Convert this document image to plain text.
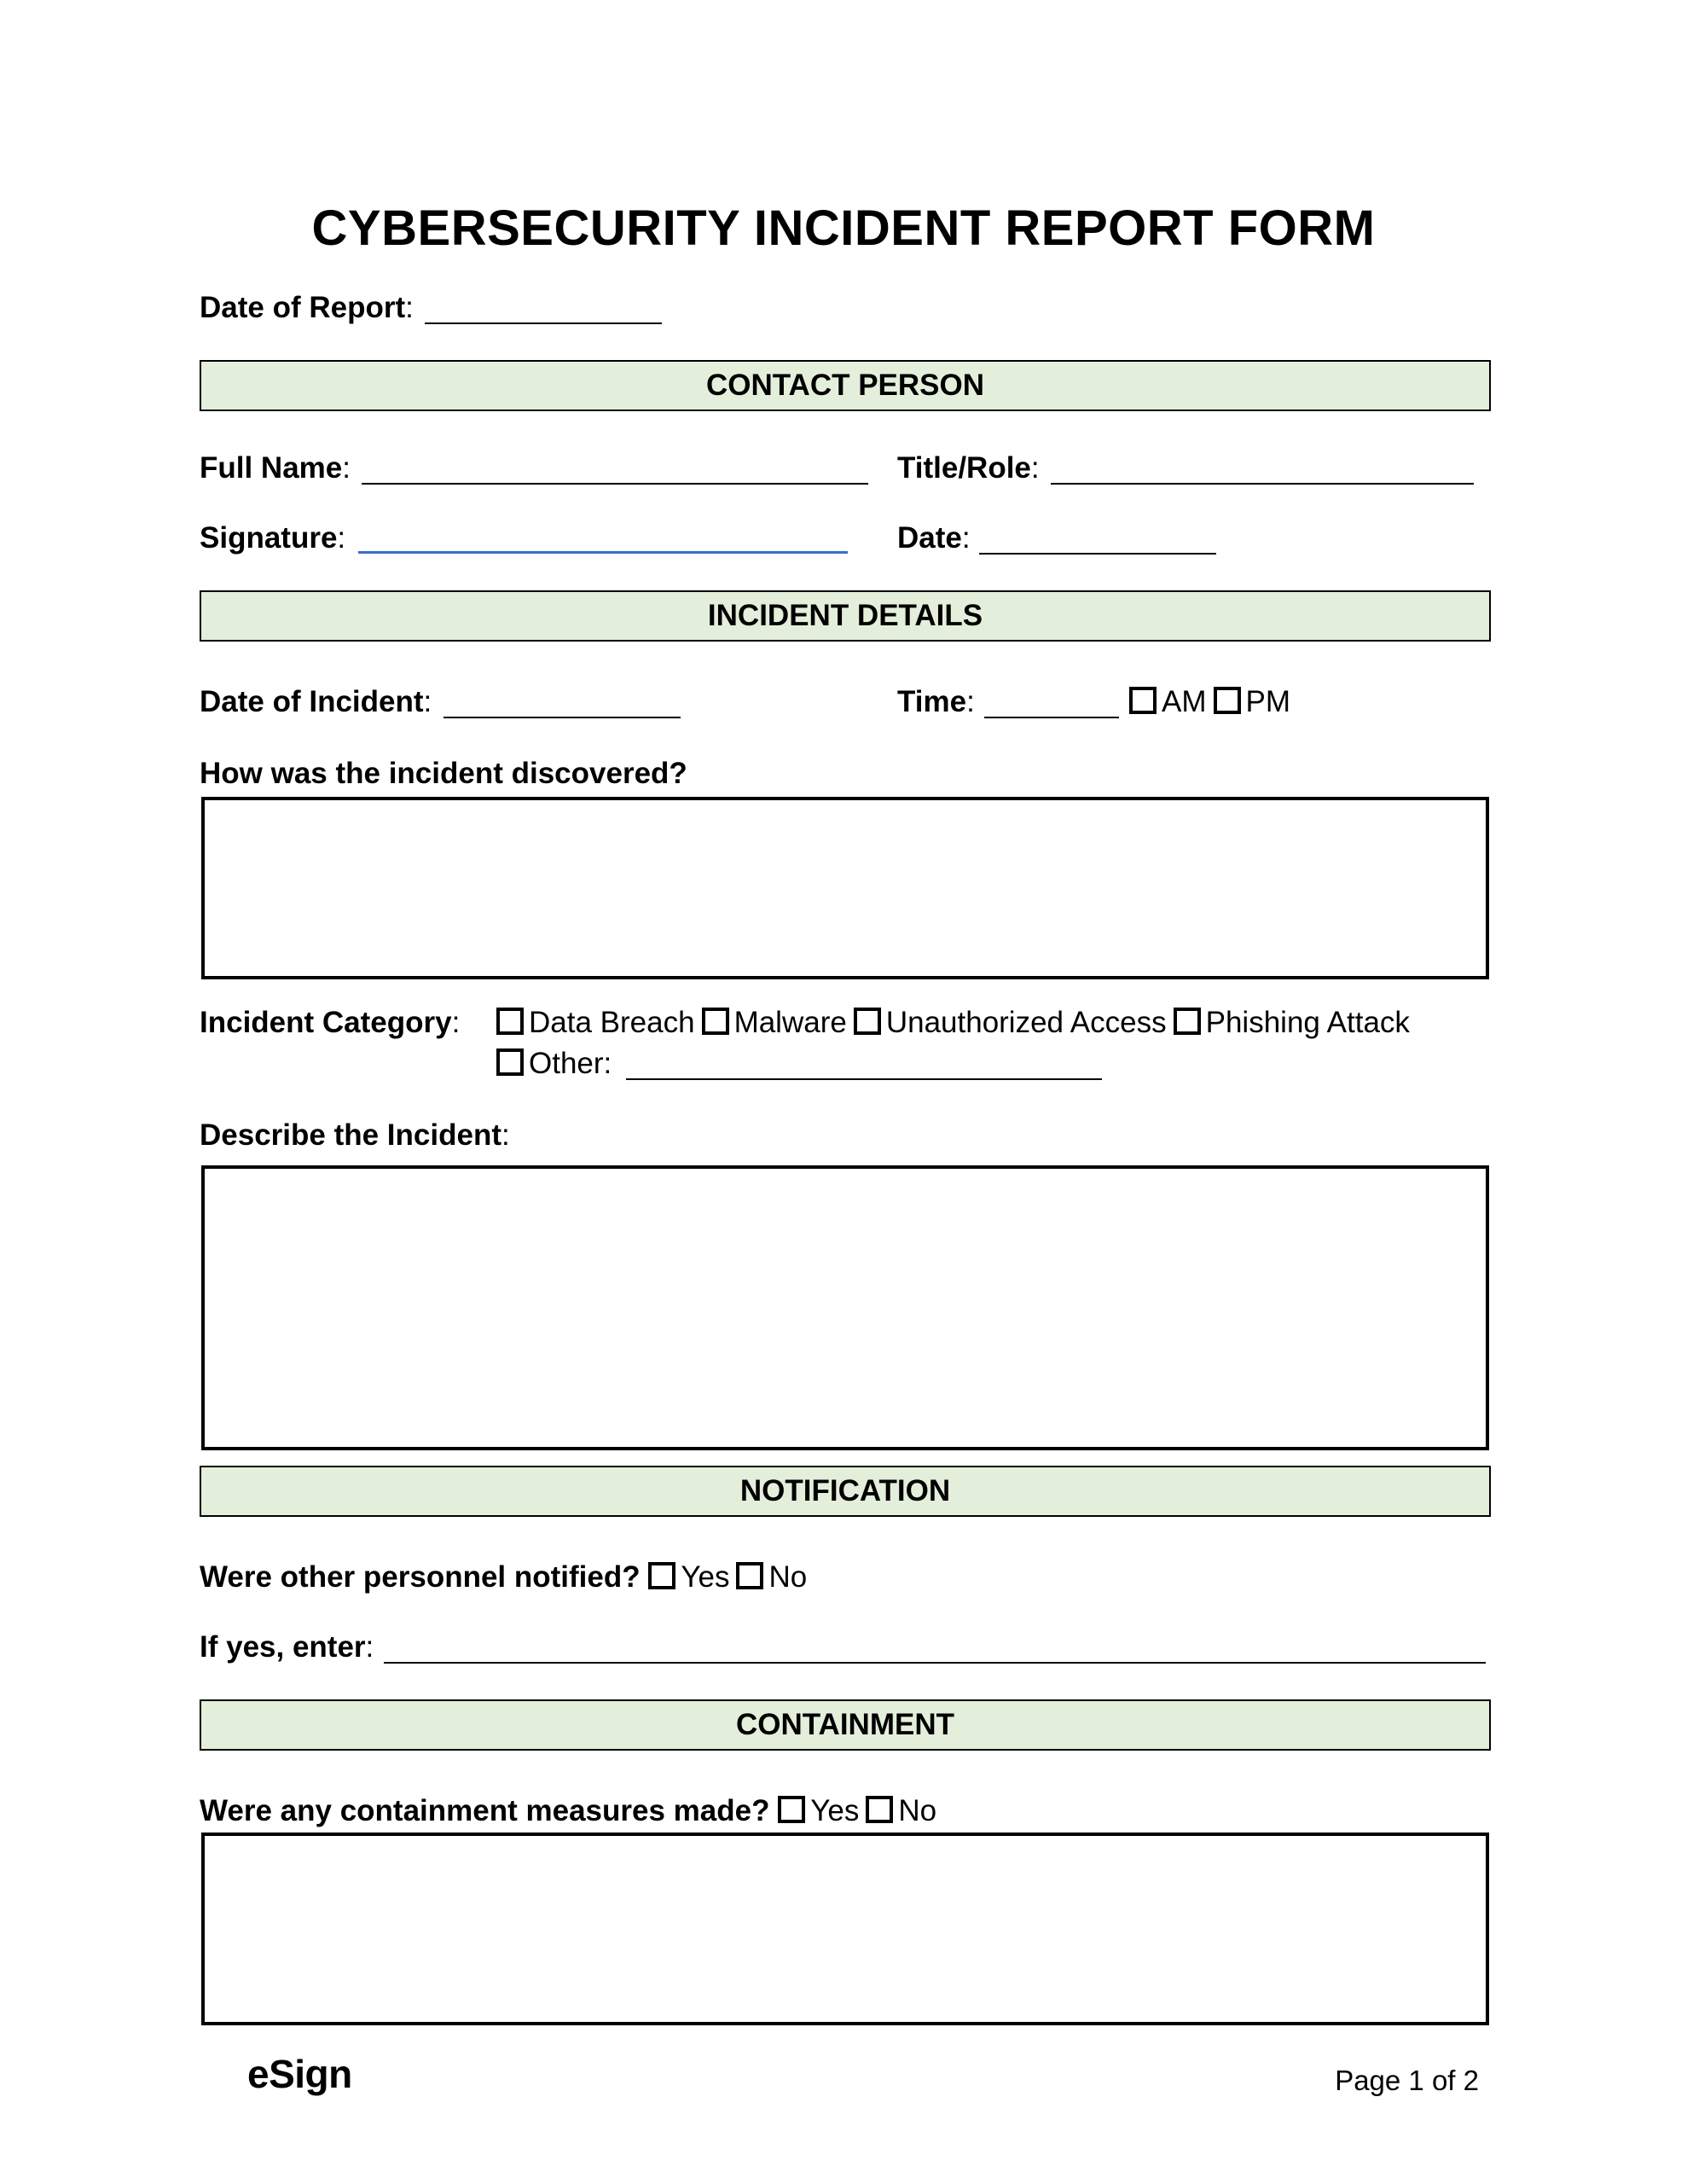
CYBERSECURITY INCIDENT REPORT FORM
Date of Report:
CONTACT PERSON
Full Name:	Title/Role:
Signature:	Date:
INCIDENT DETAILS
Date of Incident:	Time:	AM PM
How was the incident discovered?
Incident Category:	Data Breach Malware Unauthorized Access Phishing Attack
Other:
Describe the Incident:
NOTIFICATION
Were other personnel notified? Yes No
If yes, enter:
CONTAINMENT
Were any containment measures made? Yes No
eSign	Page 1 of 2
